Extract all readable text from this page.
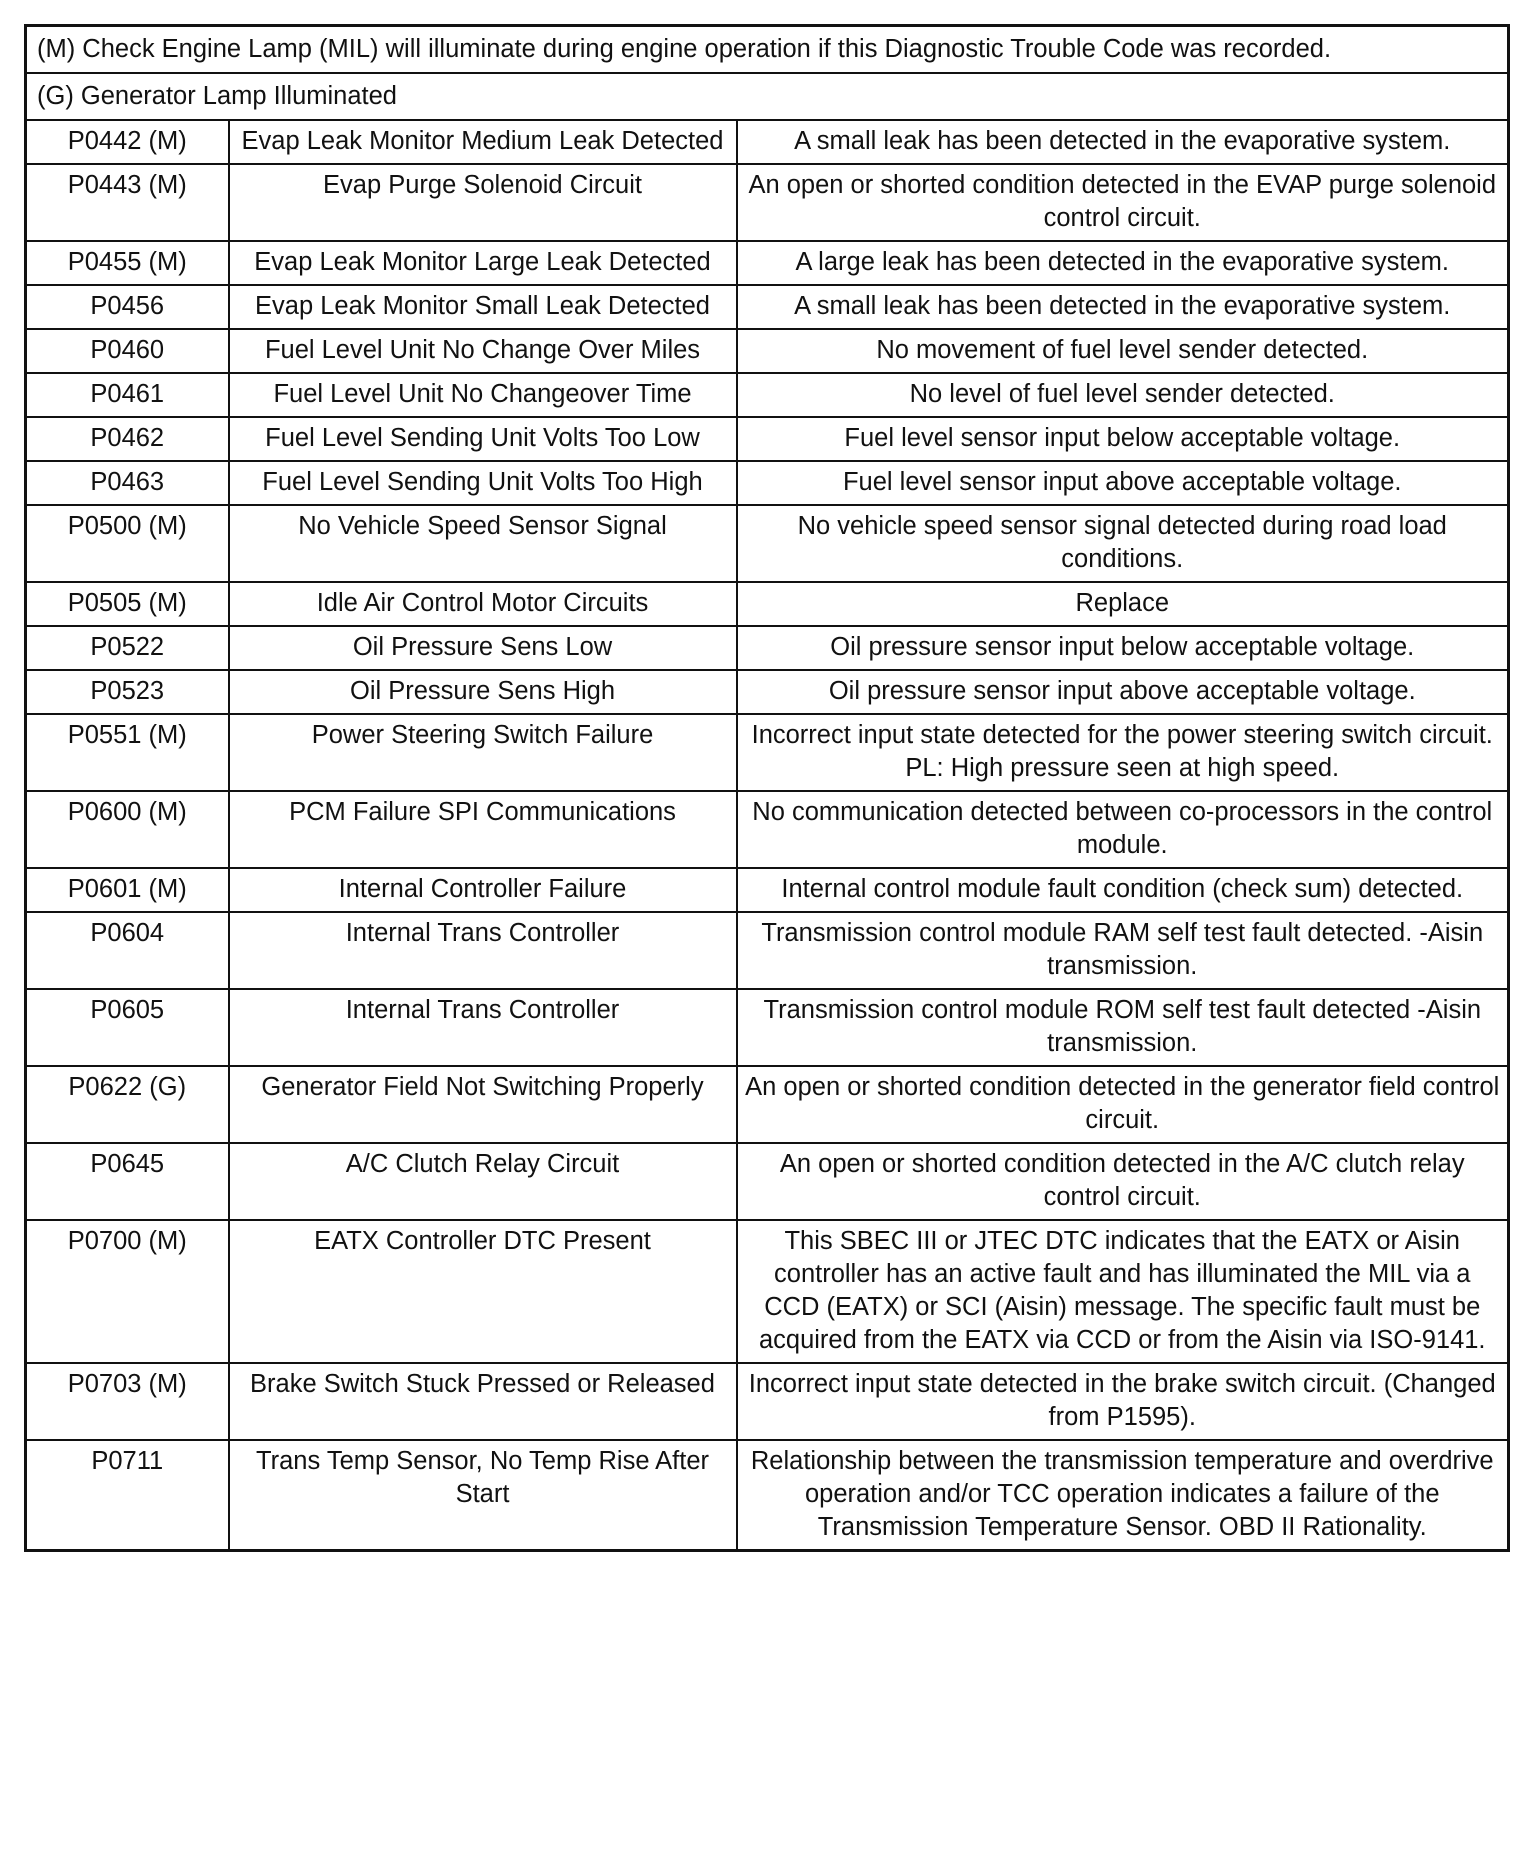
(M) Check Engine Lamp (MIL) will illuminate during engine operation if this Diagnostic Trouble Code was recorded.		
(G) Generator Lamp Illuminated		
P0442 (M)	Evap Leak Monitor Medium Leak Detected	A small leak has been detected in the evaporative system.
P0443 (M)	Evap Purge Solenoid Circuit	An open or shorted condition detected in the EVAP purge solenoid control circuit.
P0455 (M)	Evap Leak Monitor Large Leak Detected	A large leak has been detected in the evaporative system.
P0456	Evap Leak Monitor Small Leak Detected	A small leak has been detected in the evaporative system.
P0460	Fuel Level Unit No Change Over Miles	No movement of fuel level sender detected.
P0461	Fuel Level Unit No Changeover Time	No level of fuel level sender detected.
P0462	Fuel Level Sending Unit Volts Too Low	Fuel level sensor input below acceptable voltage.
P0463	Fuel Level Sending Unit Volts Too High	Fuel level sensor input above acceptable voltage.
P0500 (M)	No Vehicle Speed Sensor Signal	No vehicle speed sensor signal detected during road load conditions.
P0505 (M)	Idle Air Control Motor Circuits	Replace
P0522	Oil Pressure Sens Low	Oil pressure sensor input below acceptable voltage.
P0523	Oil Pressure Sens High	Oil pressure sensor input above acceptable voltage.
P0551 (M)	Power Steering Switch Failure	Incorrect input state detected for the power steering switch circuit. PL: High pressure seen at high speed.
P0600 (M)	PCM Failure SPI Communications	No communication detected between co-processors in the control module.
P0601 (M)	Internal Controller Failure	Internal control module fault condition (check sum) detected.
P0604	Internal Trans Controller	Transmission control module RAM self test fault detected. -Aisin transmission.
P0605	Internal Trans Controller	Transmission control module ROM self test fault detected -Aisin transmission.
P0622 (G)	Generator Field Not Switching Properly	An open or shorted condition detected in the generator field control circuit.
P0645	A/C Clutch Relay Circuit	An open or shorted condition detected in the A/C clutch relay control circuit.
P0700 (M)	EATX Controller DTC Present	This SBEC III or JTEC DTC indicates that the EATX or Aisin controller has an active fault and has illuminated the MIL via a CCD (EATX) or SCI (Aisin) message. The specific fault must be acquired from the EATX via CCD or from the Aisin via ISO-9141.
P0703 (M)	Brake Switch Stuck Pressed or Released	Incorrect input state detected in the brake switch circuit. (Changed from P1595).
P0711	Trans Temp Sensor, No Temp Rise After Start	Relationship between the transmission temperature and overdrive operation and/or TCC operation indicates a failure of the Transmission Temperature Sensor. OBD II Rationality.
